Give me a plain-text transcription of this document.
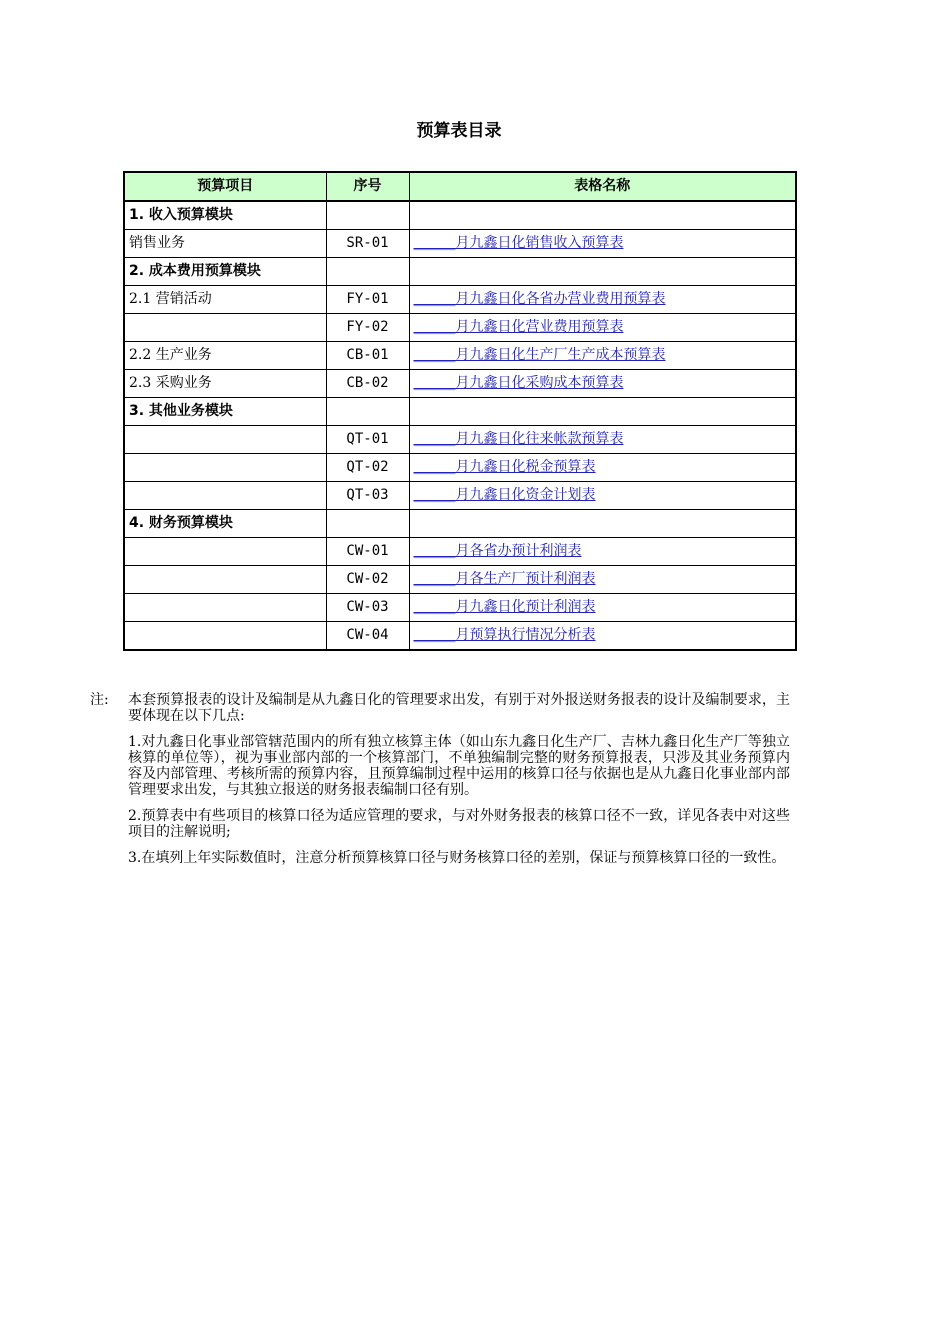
预算表目录
预算项目	序号	表格名称
1. 收入预算模块		
销售业务	SR-01	______月九鑫日化销售收入预算表
2. 成本费用预算模块		
2.1 营销活动	FY-01	______月九鑫日化各省办营业费用预算表
	FY-02	______月九鑫日化营业费用预算表
2.2 生产业务	CB-01	______月九鑫日化生产厂生产成本预算表
2.3 采购业务	CB-02	______月九鑫日化采购成本预算表
3. 其他业务模块		
	QT-01	______月九鑫日化往来帐款预算表
	QT-02	______月九鑫日化税金预算表
	QT-03	______月九鑫日化资金计划表
4. 财务预算模块		
	CW-01	______月各省办预计利润表
	CW-02	______月各生产厂预计利润表
	CW-03	______月九鑫日化预计利润表
	CW-04	______月预算执行情况分析表
注: 本套预算报表的设计及编制是从九鑫日化的管理要求出发，有别于对外报送财务报表的设计及编制要求，主要体现在以下几点:

1.对九鑫日化事业部管辖范围内的所有独立核算主体（如山东九鑫日化生产厂、吉林九鑫日化生产厂等独立核算的单位等），视为事业部内部的一个核算部门，不单独编制完整的财务预算报表，只涉及其业务预算内容及内部管理、考核所需的预算内容，且预算编制过程中运用的核算口径与依据也是从九鑫日化事业部内部管理要求出发，与其独立报送的财务报表编制口径有别。

2.预算表中有些项目的核算口径为适应管理的要求，与对外财务报表的核算口径不一致，详见各表中对这些项目的注解说明;

3.在填列上年实际数值时，注意分析预算核算口径与财务核算口径的差别，保证与预算核算口径的一致性。
